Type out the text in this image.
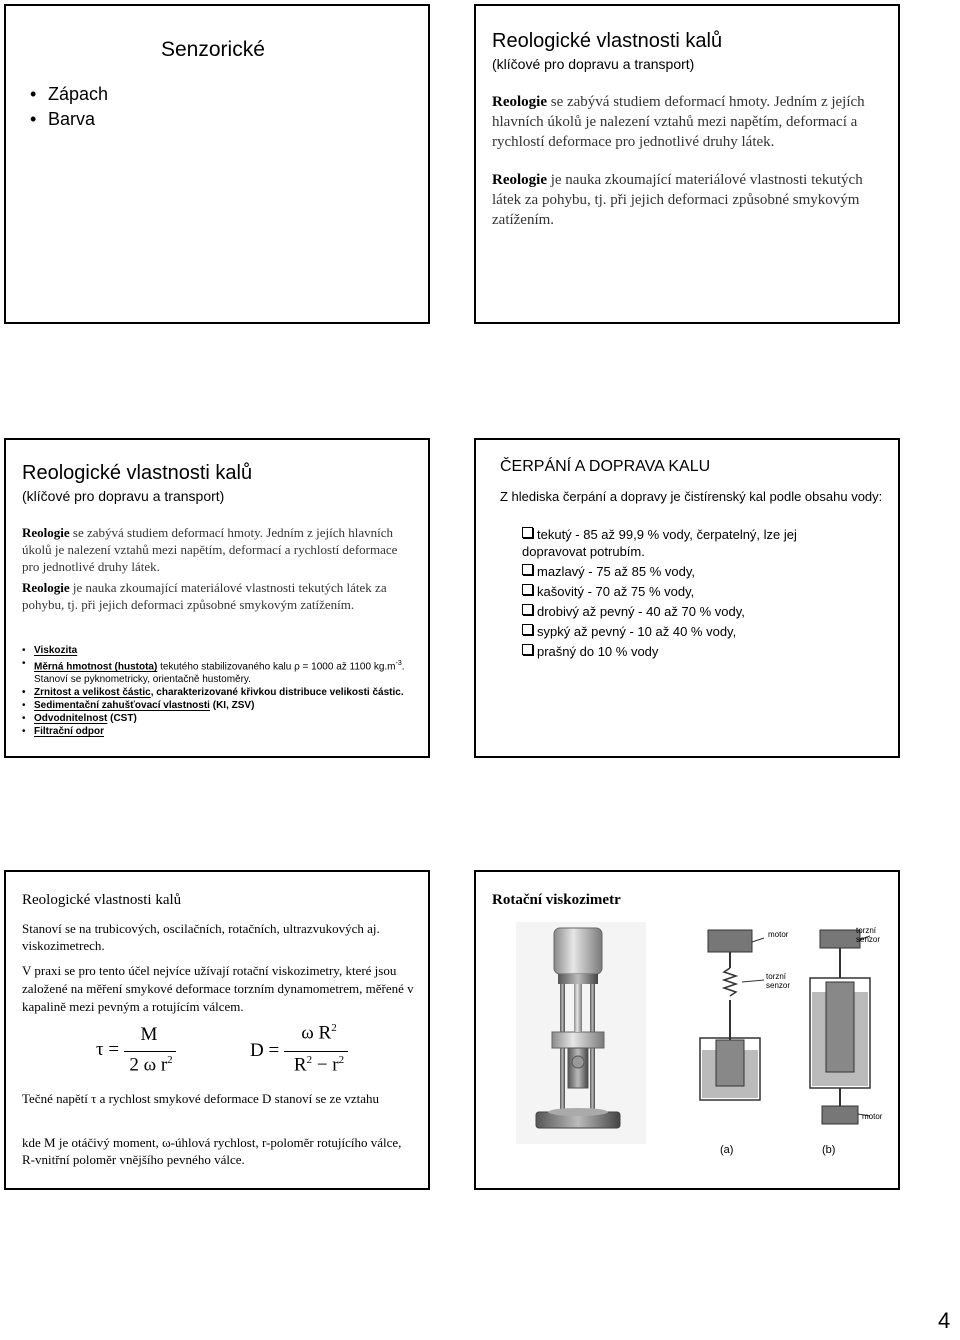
Senzorické
• Zápach
• Barva
Reologické vlastnosti kalů
(klíčové pro dopravu a transport)

Reologie se zabývá studiem deformací hmoty. Jedním z jejích hlavních úkolů je nalezení vztahů mezi napětím, deformací a rychlostí deformace pro jednotlivé druhy látek.

Reologie je nauka zkoumající materiálové vlastnosti tekutých látek za pohybu, tj. při jejich deformaci způsobné smykovým zatížením.

Reologické vlastnosti kalů
(klíčové pro dopravu a transport)

Reologie se zabývá studiem deformací hmoty. Jedním z jejích hlavních úkolů je nalezení vztahů mezi napětím, deformací a rychlostí deformace pro jednotlivé druhy látek.

Reologie je nauka zkoumající materiálové vlastnosti tekutých látek za pohybu, tj. při jejich deformaci způsobné smykovým zatížením.

• Viskozita
• Měrná hmotnost (hustota) tekutého stabilizovaného kalu ρ = 1000 až 1100 $kg.m^{-3}$. Stanoví se pyknometricky, orientačně hustoměry.
• Zrnitost a velikost částic, charakterizované křivkou distribuce velikosti částic.
• Sedimentační zahušťovací vlastnosti (KI, ZSV)
• Odvodnitelnost (CST)
• Filtrační odpor
ČERPÁNÍ A DOPRAVA KALU
Z hlediska čerpání a dopravy je čistírenský kal podle obsahu vody:
tekutý - 85 až 99,9 % vody, čerpatelný, lze jej dopravovat potrubím.
mazlavý - 75 až 85 % vody,
kašovitý - 70 až 75 % vody,
drobivý až pevný - 40 až 70 % vody,
sypký až pevný - 10 až 40 % vody,
prašný do 10 % vody
Reologické vlastnosti kalů
Stanoví se na trubicových, oscilačních, rotačních, ultrazvukových aj. viskozimetrech.
V praxi se pro tento účel nejvíce užívají rotační viskozimetry, které jsou založené na měření smykové deformace torzním dynamometrem, měřené v kapalině mezi pevným a rotujícím válcem.
τ =
M
2 ω $r^2$	D =
ω $R^2$
$R^2 - r^2$
Tečné napětí τ a rychlost smykové deformace D stanoví se ze vztahu
kde M je otáčivý moment, ω-úhlová rychlost, r-poloměr rotujícího válce, R-vnitřní poloměr vnějšího pevného válce.
Rotační viskozimetr
motor
torzní senzor
(a)
torzní senzor
motor
(b)
4
